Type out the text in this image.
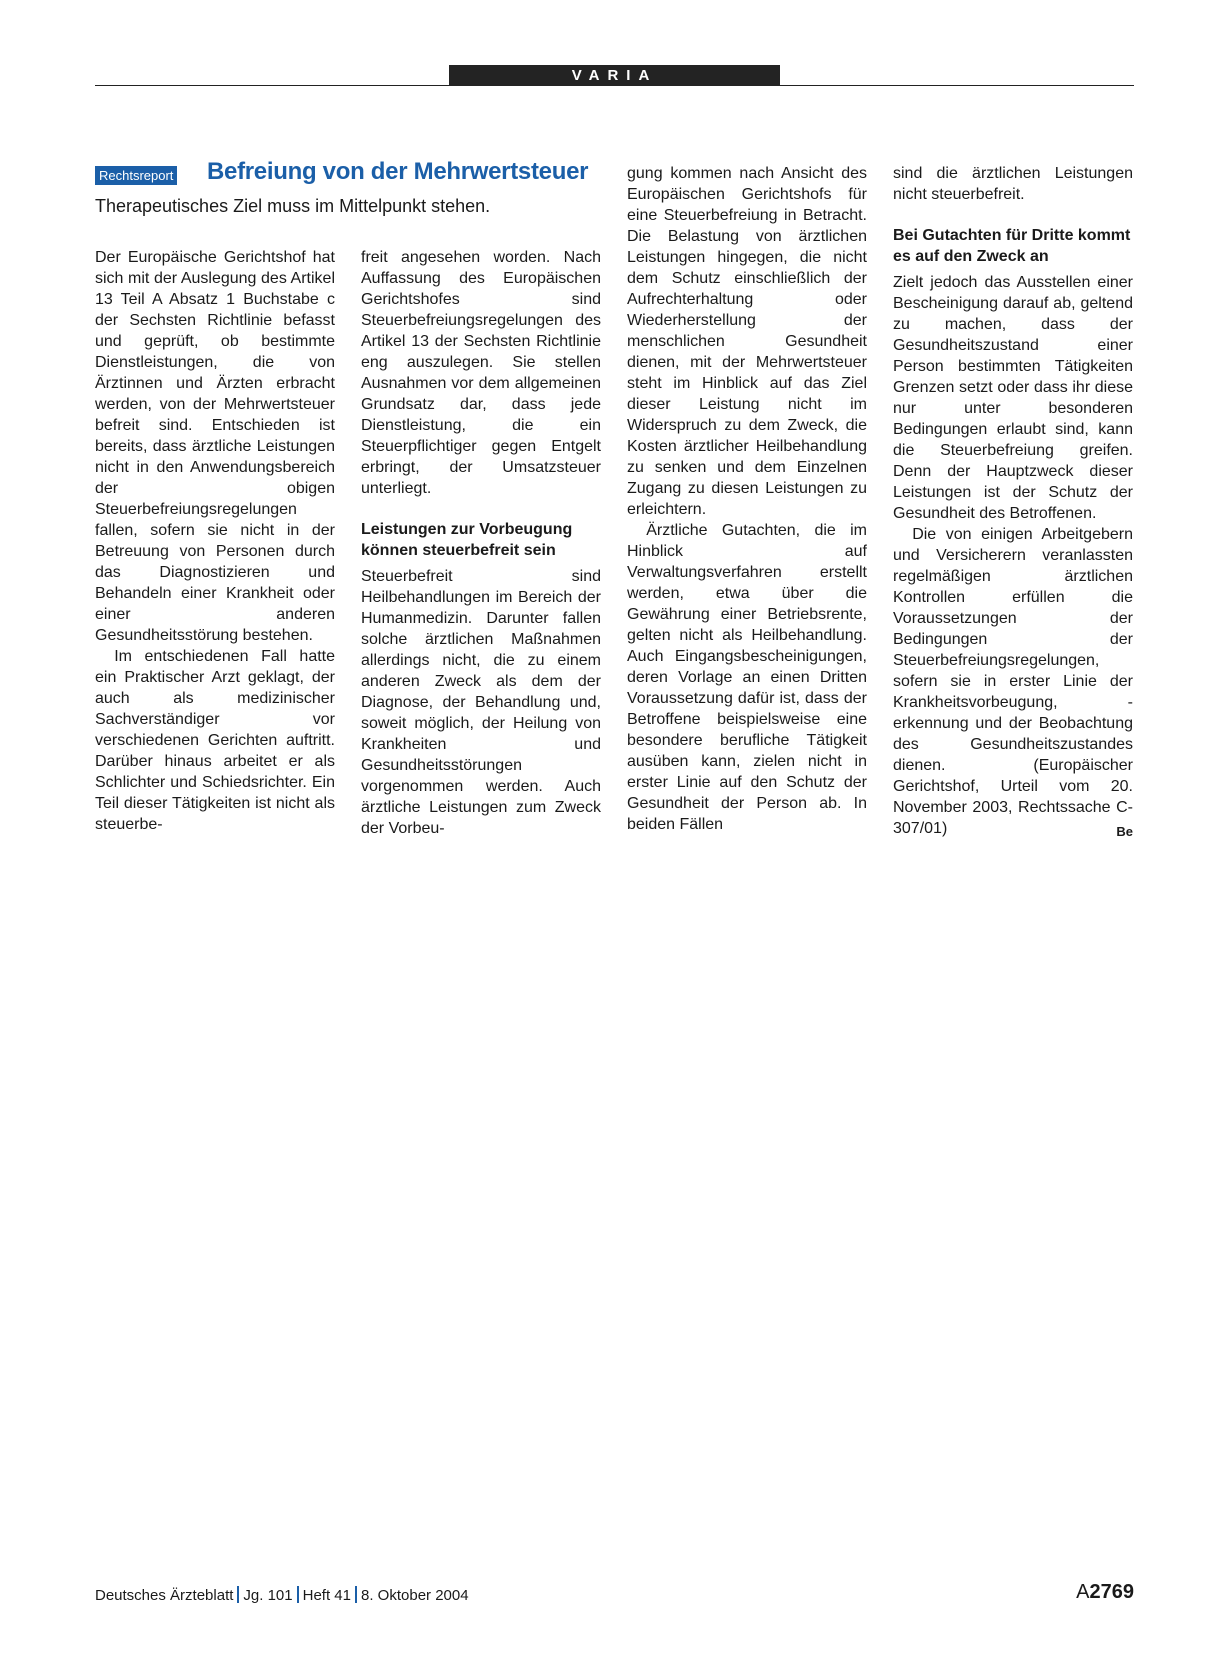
VARIA
Rechtsreport Befreiung von der Mehrwertsteuer

Therapeutisches Ziel muss im Mittelpunkt stehen.

Der Europäische Gerichtshof hat sich mit der Auslegung des Artikel 13 Teil A Absatz 1 Buchstabe c der Sechsten Richtlinie befasst und geprüft, ob bestimmte Dienstleistungen, die von Ärztinnen und Ärzten erbracht werden, von der Mehrwertsteuer befreit sind. Entschieden ist bereits, dass ärztliche Leistungen nicht in den Anwendungsbereich der obigen Steuerbefreiungsregelungen fallen, sofern sie nicht in der Betreuung von Personen durch das Diagnostizieren und Behandeln einer Krankheit oder einer anderen Gesundheitsstörung bestehen.

Im entschiedenen Fall hatte ein Praktischer Arzt geklagt, der auch als medizinischer Sachverständiger vor verschiedenen Gerichten auftritt. Darüber hinaus arbeitet er als Schlichter und Schiedsrichter. Ein Teil dieser Tätigkeiten ist nicht als steuerbe-

freit angesehen worden. Nach Auffassung des Europäischen Gerichtshofes sind Steuerbefreiungsregelungen des Artikel 13 der Sechsten Richtlinie eng auszulegen. Sie stellen Ausnahmen vor dem allgemeinen Grundsatz dar, dass jede Dienstleistung, die ein Steuerpflichtiger gegen Entgelt erbringt, der Umsatzsteuer unterliegt.

Leistungen zur Vorbeugung können steuerbefreit sein

Steuerbefreit sind Heilbehandlungen im Bereich der Humanmedizin. Darunter fallen solche ärztlichen Maßnahmen allerdings nicht, die zu einem anderen Zweck als dem der Diagnose, der Behandlung und, soweit möglich, der Heilung von Krankheiten und Gesundheitsstörungen vorgenommen werden. Auch ärztliche Leistungen zum Zweck der Vorbeu-

gung kommen nach Ansicht des Europäischen Gerichtshofs für eine Steuerbefreiung in Betracht. Die Belastung von ärztlichen Leistungen hingegen, die nicht dem Schutz einschließlich der Aufrechterhaltung oder Wiederherstellung der menschlichen Gesundheit dienen, mit der Mehrwertsteuer steht im Hinblick auf das Ziel dieser Leistung nicht im Widerspruch zu dem Zweck, die Kosten ärztlicher Heilbehandlung zu senken und dem Einzelnen Zugang zu diesen Leistungen zu erleichtern.

Ärztliche Gutachten, die im Hinblick auf Verwaltungsverfahren erstellt werden, etwa über die Gewährung einer Betriebsrente, gelten nicht als Heilbehandlung. Auch Eingangsbescheinigungen, deren Vorlage an einen Dritten Voraussetzung dafür ist, dass der Betroffene beispielsweise eine besondere berufliche Tätigkeit ausüben kann, zielen nicht in erster Linie auf den Schutz der Gesundheit der Person ab. In beiden Fällen

sind die ärztlichen Leistungen nicht steuerbefreit.

Bei Gutachten für Dritte kommt es auf den Zweck an

Zielt jedoch das Ausstellen einer Bescheinigung darauf ab, geltend zu machen, dass der Gesundheitszustand einer Person bestimmten Tätigkeiten Grenzen setzt oder dass ihr diese nur unter besonderen Bedingungen erlaubt sind, kann die Steuerbefreiung greifen. Denn der Hauptzweck dieser Leistungen ist der Schutz der Gesundheit des Betroffenen.

Die von einigen Arbeitgebern und Versicherern veranlassten regelmäßigen ärztlichen Kontrollen erfüllen die Voraussetzungen der Bedingungen der Steuerbefreiungsregelungen, sofern sie in erster Linie der Krankheitsvorbeugung, -erkennung und der Beobachtung des Gesundheitszustandes dienen. (Europäischer Gerichtshof, Urteil vom 20. November 2003, Rechtssache C-307/01)	Be

Deutsches Ärzteblatt Jg. 101 Heft 41 8. Oktober 2004	A2769
